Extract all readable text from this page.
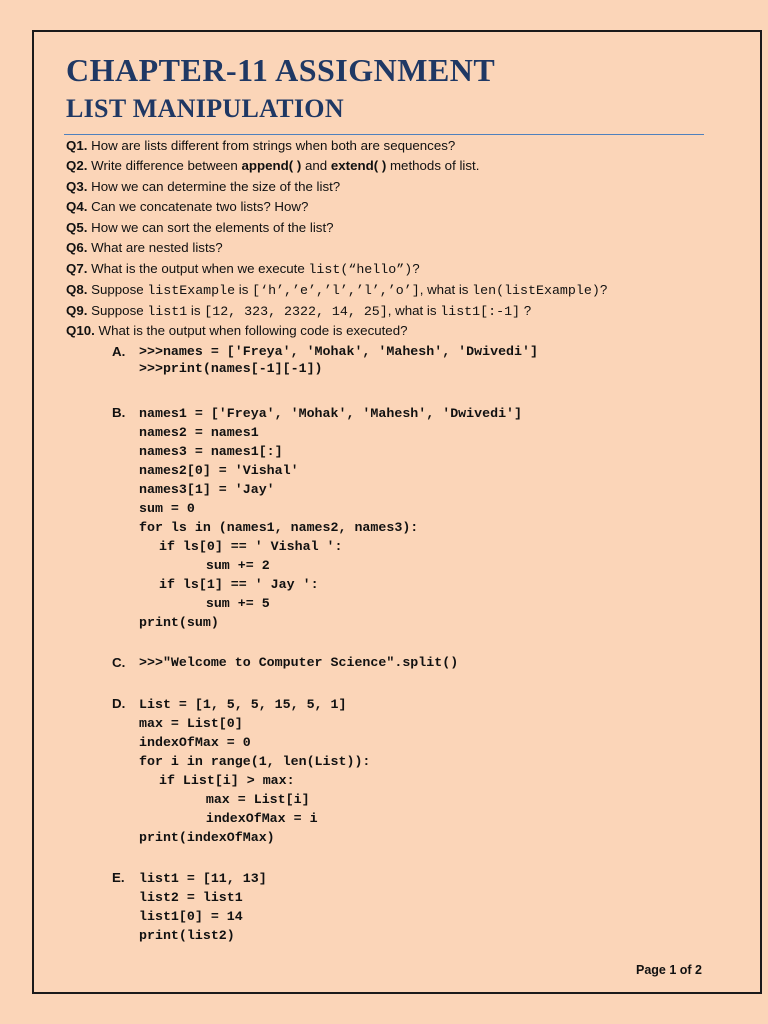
CHAPTER-11 ASSIGNMENT
LIST MANIPULATION
Q1. How are lists different from strings when both are sequences?
Q2. Write difference between append( ) and extend( ) methods of list.
Q3. How we can determine the size of the list?
Q4. Can we concatenate two lists? How?
Q5. How we can sort the elements of the list?
Q6. What are nested lists?
Q7. What is the output when we execute list(“hello”)?
Q8. Suppose listExample is [‘h’,’e’,’l’,’l’,’o’], what is len(listExample)?
Q9. Suppose list1 is [12, 323, 2322, 14, 25], what is list1[:-1] ?
Q10. What is the output when following code is executed?
A. >>>names = ['Freya', 'Mohak', 'Mahesh', 'Dwivedi']
>>>print(names[-1][-1])
B. names1 = ['Freya', 'Mohak', 'Mahesh', 'Dwivedi']
names2 = names1
names3 = names1[:]
names2[0] = 'Vishal'
names3[1] = 'Jay'
sum = 0
for ls in (names1, names2, names3):
if ls[0] == ' Vishal ':
sum += 2
if ls[1] == ' Jay ':
sum += 5
print(sum)
C. >>>"Welcome to Computer Science".split()
D. List = [1, 5, 5, 15, 5, 1]
max = List[0]
indexOfMax = 0
for i in range(1, len(List)):
if List[i] > max:
max = List[i]
indexOfMax = i
print(indexOfMax)
E. list1 = [11, 13]
list2 = list1
list1[0] = 14
print(list2)
Page 1 of 2
